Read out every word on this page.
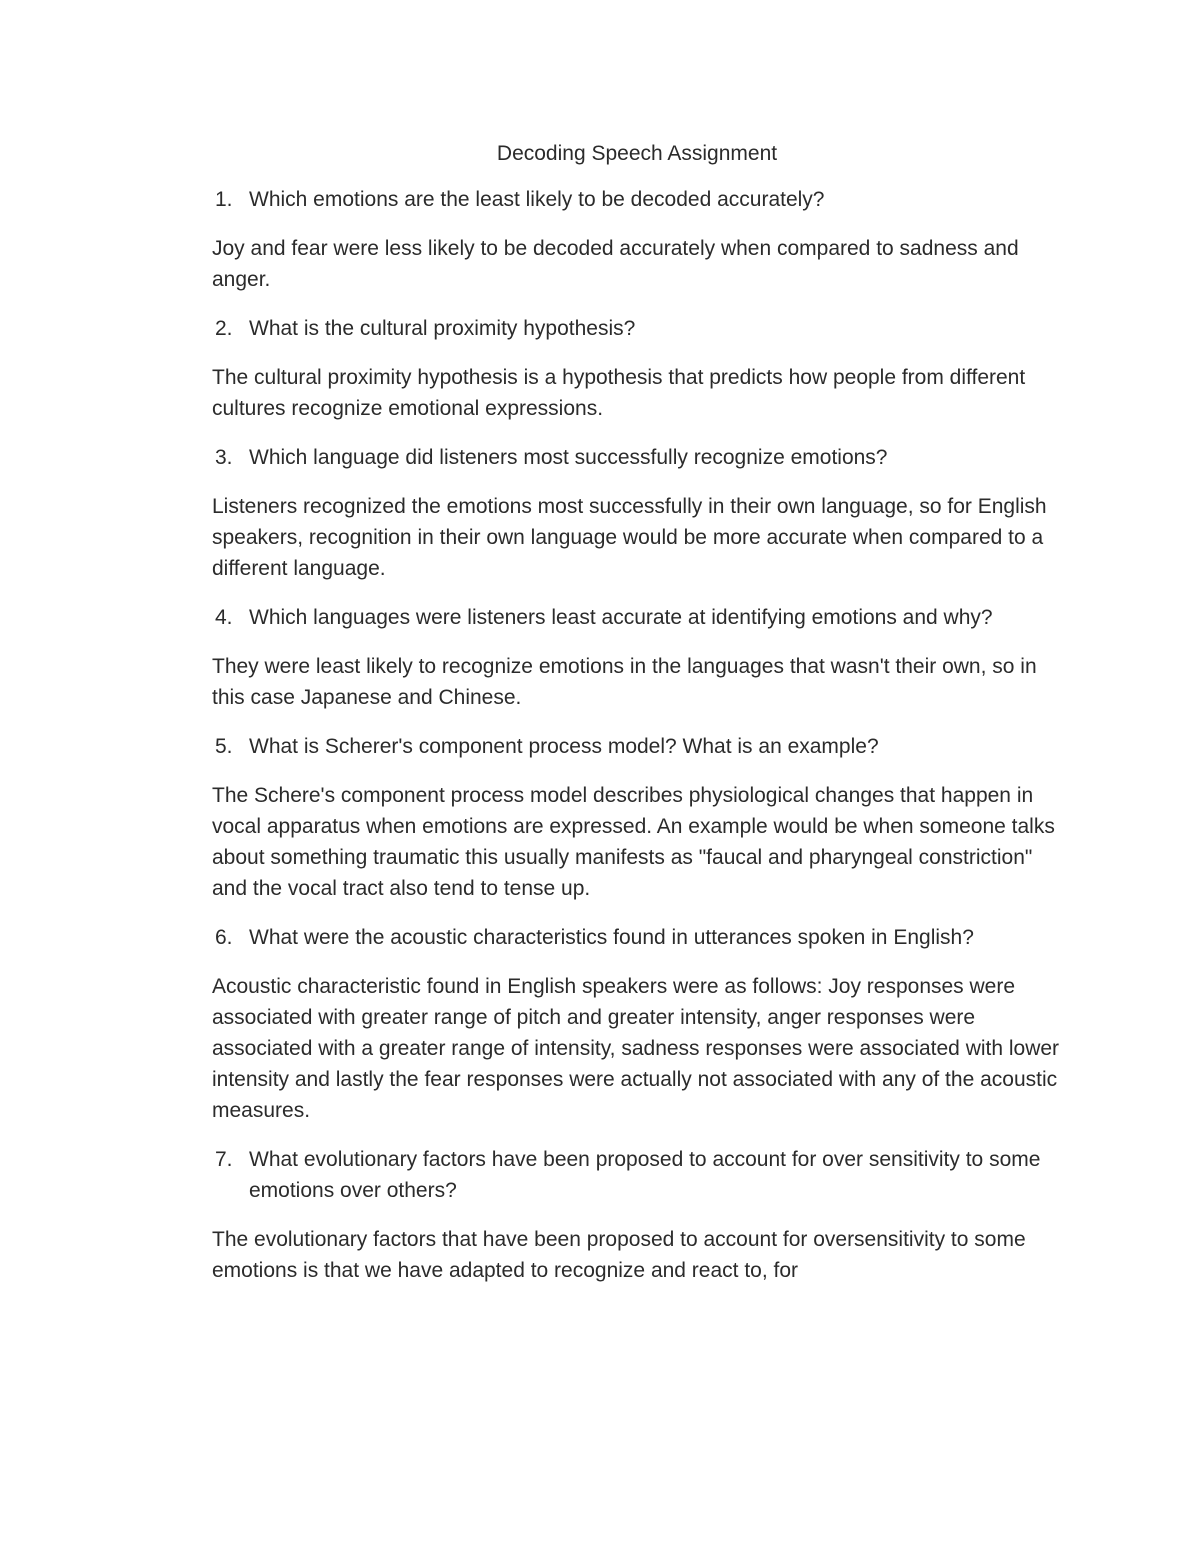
Decoding Speech Assignment
1. Which emotions are the least likely to be decoded accurately?
Joy and fear were less likely to be decoded accurately when compared to sadness and anger.
2. What is the cultural proximity hypothesis?
The cultural proximity hypothesis is a hypothesis that predicts how people from different cultures recognize emotional expressions.
3. Which language did listeners most successfully recognize emotions?
Listeners recognized the emotions most successfully in their own language, so for English speakers, recognition in their own language would be more accurate when compared to a different language.
4. Which languages were listeners least accurate at identifying emotions and why?
They were least likely to recognize emotions in the languages that wasn't their own, so in this case Japanese and Chinese.
5. What is Scherer's component process model? What is an example?
The Schere's component process model describes physiological changes that happen in vocal apparatus when emotions are expressed. An example would be when someone talks about something traumatic this usually manifests as "faucal and pharyngeal constriction" and the vocal tract also tend to tense up.
6. What were the acoustic characteristics found in utterances spoken in English?
Acoustic characteristic found in English speakers were as follows: Joy responses were associated with greater range of pitch and greater intensity, anger responses were associated with a greater range of intensity, sadness responses were associated with lower intensity and lastly the fear responses were actually not associated with any of the acoustic measures.
7. What evolutionary factors have been proposed to account for over sensitivity to some emotions over others?
The evolutionary factors that have been proposed to account for oversensitivity to some emotions is that we have adapted to recognize and react to, for
